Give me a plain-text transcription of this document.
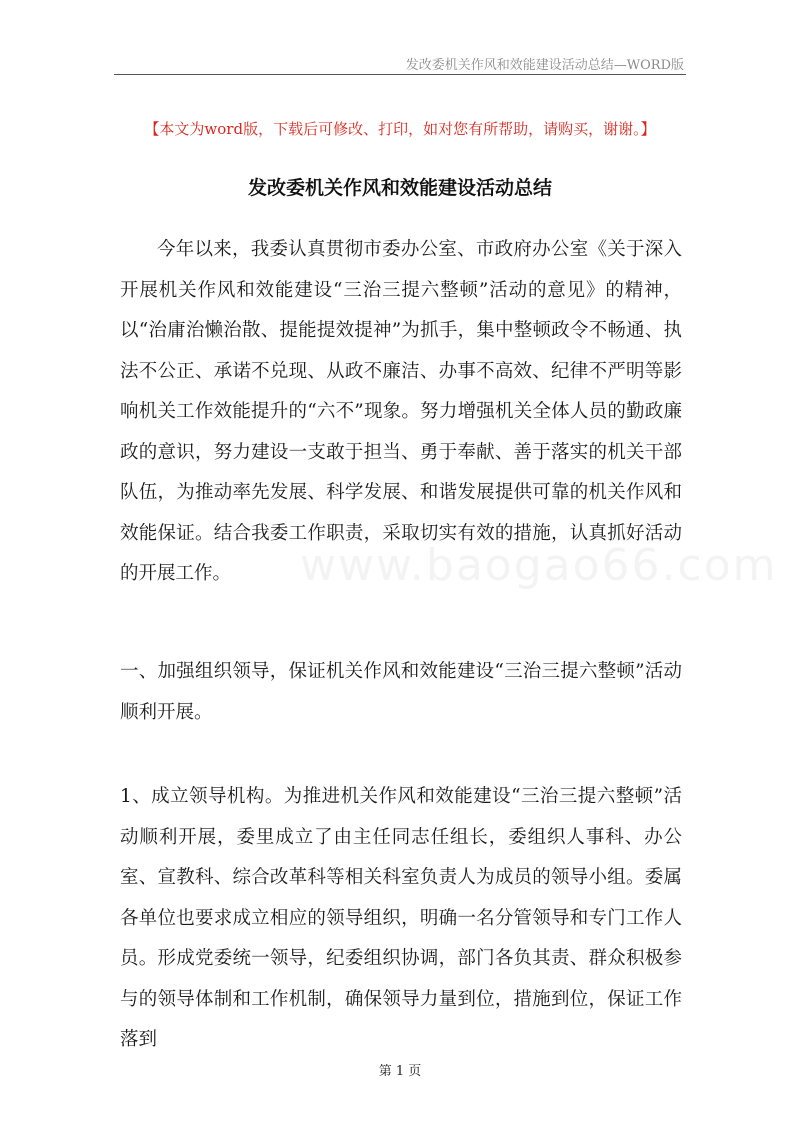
发改委机关作风和效能建设活动总结—WORD版
【本文为word版，下载后可修改、打印，如对您有所帮助，请购买，谢谢。】
发改委机关作风和效能建设活动总结
www.baogao66.com
今年以来，我委认真贯彻市委办公室、市政府办公室《关于深入开展机关作风和效能建设“三治三提六整顿”活动的意见》的精神，以“治庸治懒治散、提能提效提神”为抓手，集中整顿政令不畅通、执法不公正、承诺不兑现、从政不廉洁、办事不高效、纪律不严明等影响机关工作效能提升的“六不”现象。努力增强机关全体人员的勤政廉政的意识，努力建设一支敢于担当、勇于奉献、善于落实的机关干部队伍，为推动率先发展、科学发展、和谐发展提供可靠的机关作风和效能保证。结合我委工作职责，采取切实有效的措施，认真抓好活动的开展工作。
一、加强组织领导，保证机关作风和效能建设“三治三提六整顿”活动顺利开展。
1、成立领导机构。为推进机关作风和效能建设“三治三提六整顿”活动顺利开展，委里成立了由主任同志任组长，委组织人事科、办公室、宣教科、综合改革科等相关科室负责人为成员的领导小组。委属各单位也要求成立相应的领导组织，明确一名分管领导和专门工作人员。形成党委统一领导，纪委组织协调，部门各负其责、群众积极参与的领导体制和工作机制，确保领导力量到位，措施到位，保证工作落到
第 1 页
